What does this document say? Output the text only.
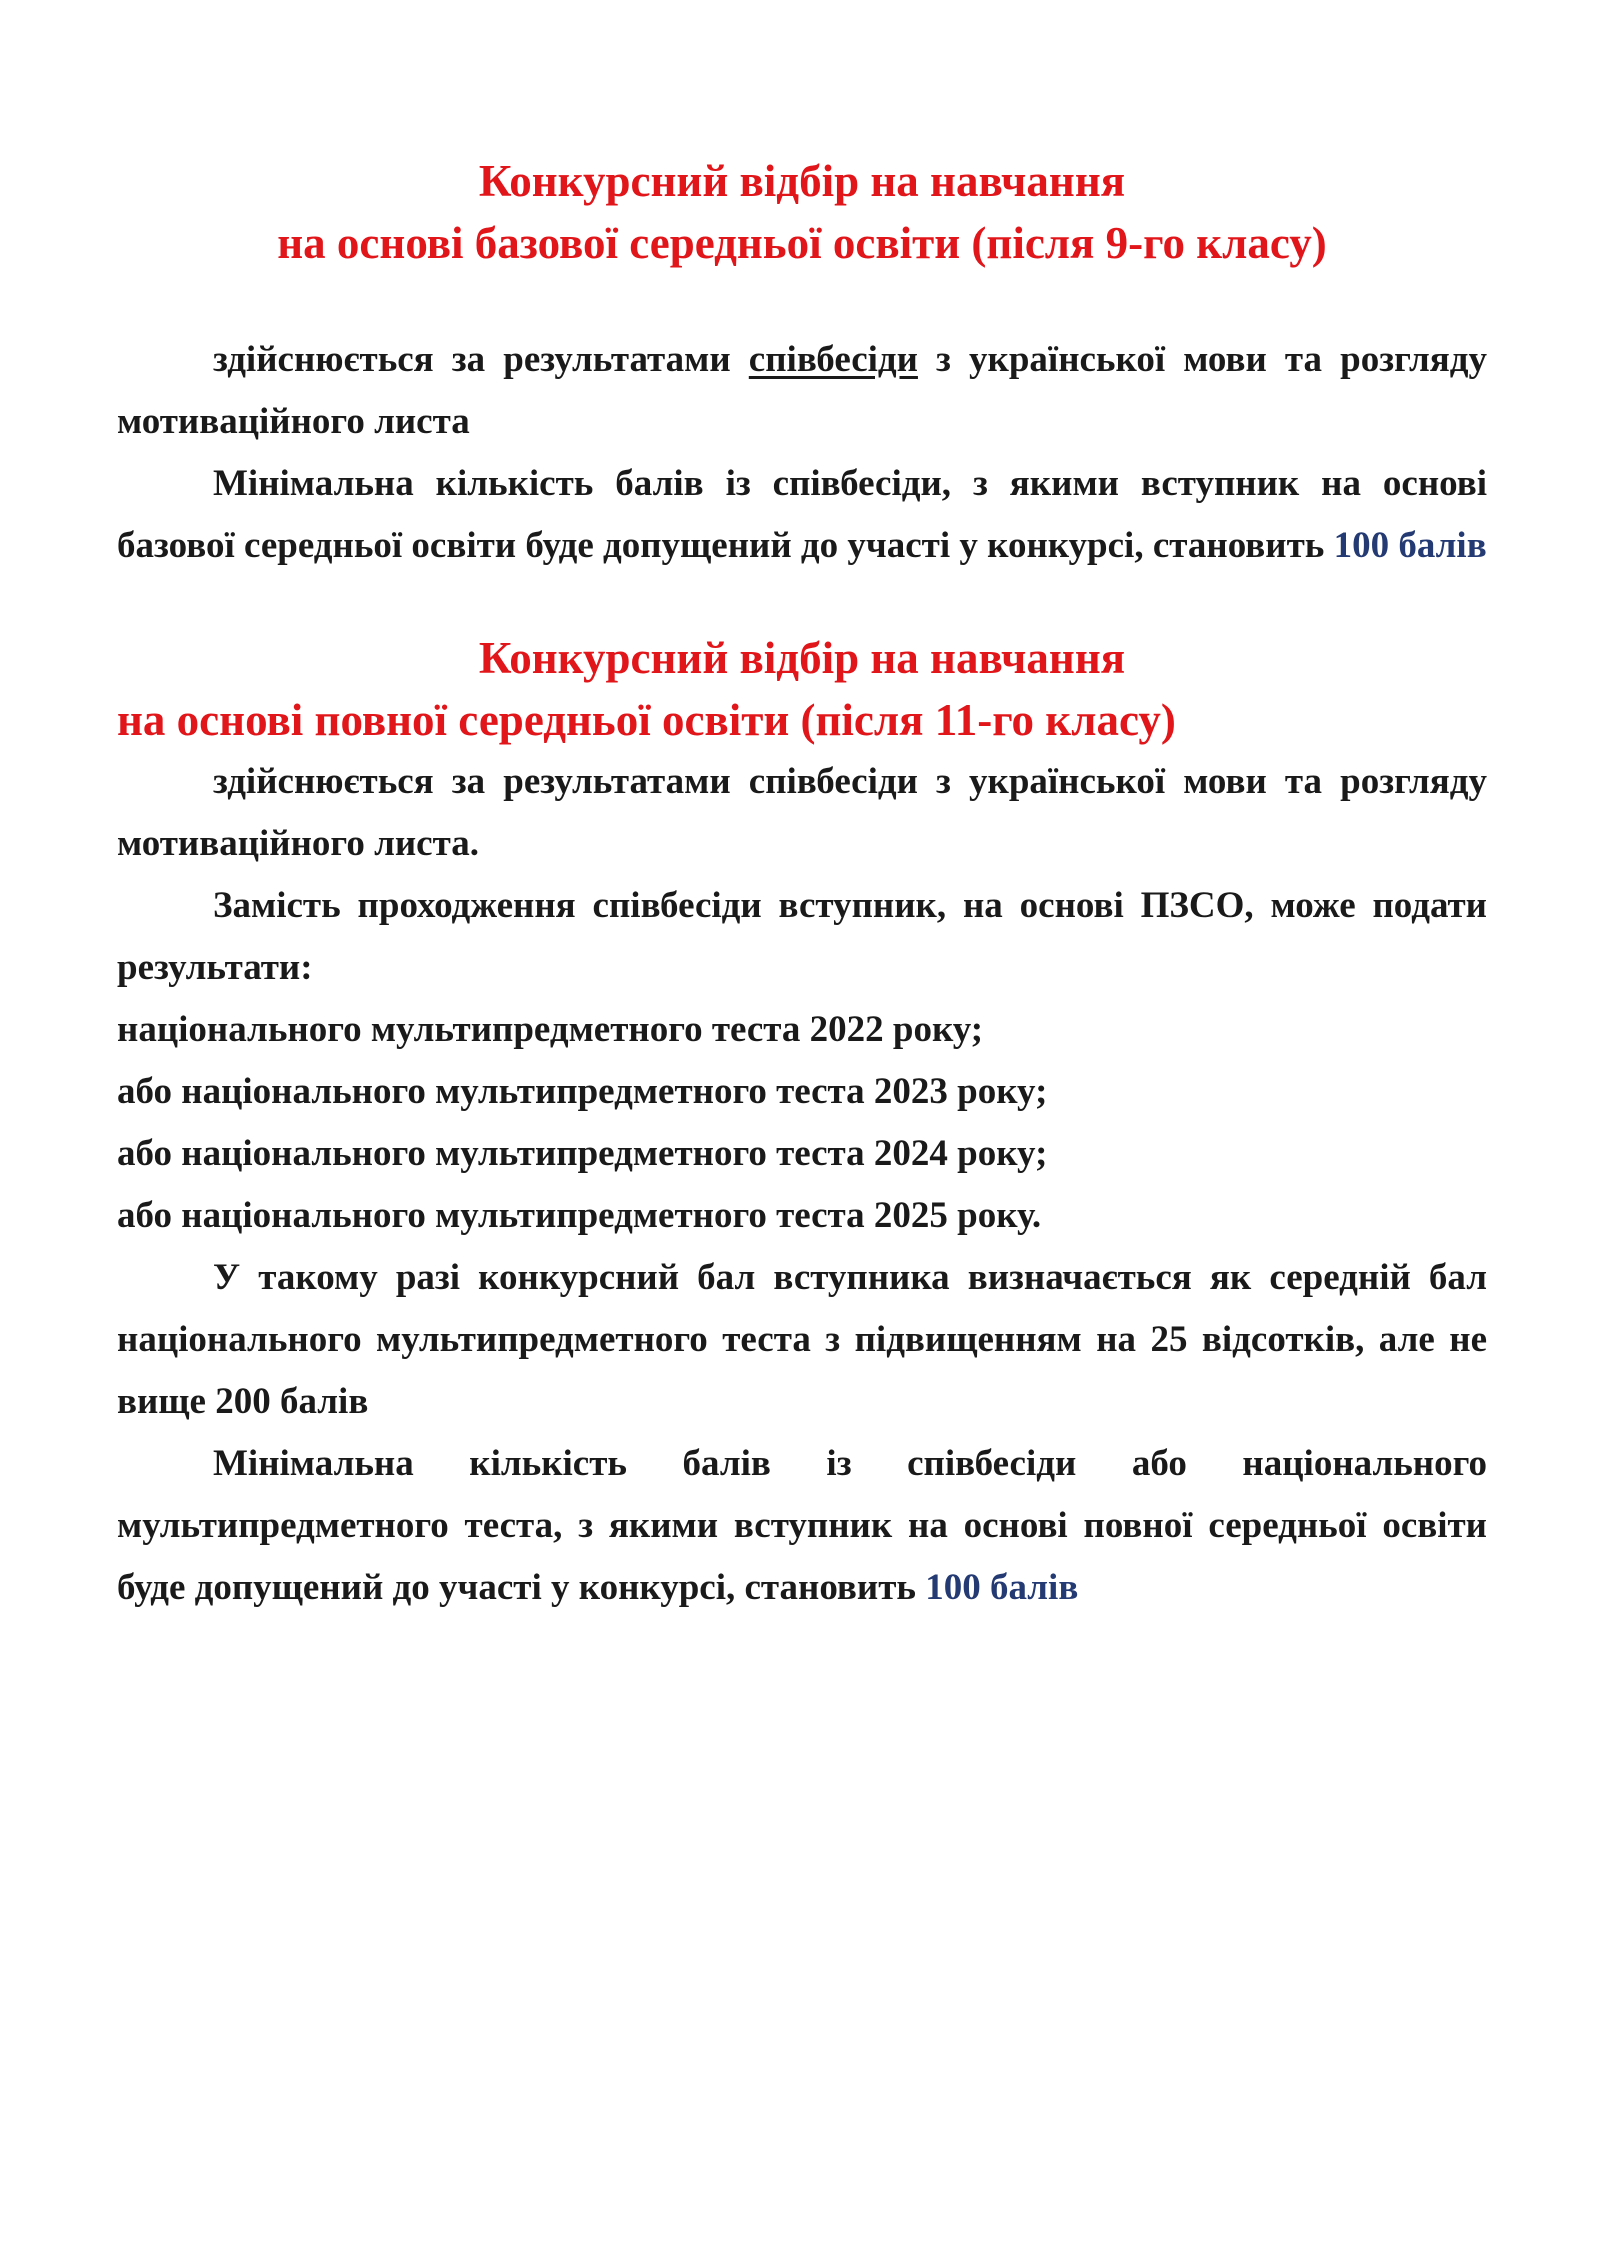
Конкурсний відбір на навчання
на основі базової середньої освіти (після 9-го класу)

здійснюється за результатами співбесіди з української мови та розгляду мотиваційного листа

Мінімальна кількість балів із співбесіди, з якими вступник на основі базової середньої освіти буде допущений до участі у конкурсі, становить 100 балів

Конкурсний відбір на навчання
на основі повної середньої освіти (після 11-го класу)

здійснюється за результатами співбесіди з української мови та розгляду мотиваційного листа.

Замість проходження співбесіди вступник, на основі ПЗСО, може подати результати:

національного мультипредметного теста 2022 року;

або національного мультипредметного теста 2023 року;

або національного мультипредметного теста 2024 року;

або національного мультипредметного теста 2025 року.

У такому разі конкурсний бал вступника визначається як середній бал національного мультипредметного теста з підвищенням на 25 відсотків, але не вище 200 балів

Мінімальна кількість балів із співбесіди або національного мультипредметного теста, з якими вступник на основі повної середньої освіти буде допущений до участі у конкурсі, становить 100 балів
